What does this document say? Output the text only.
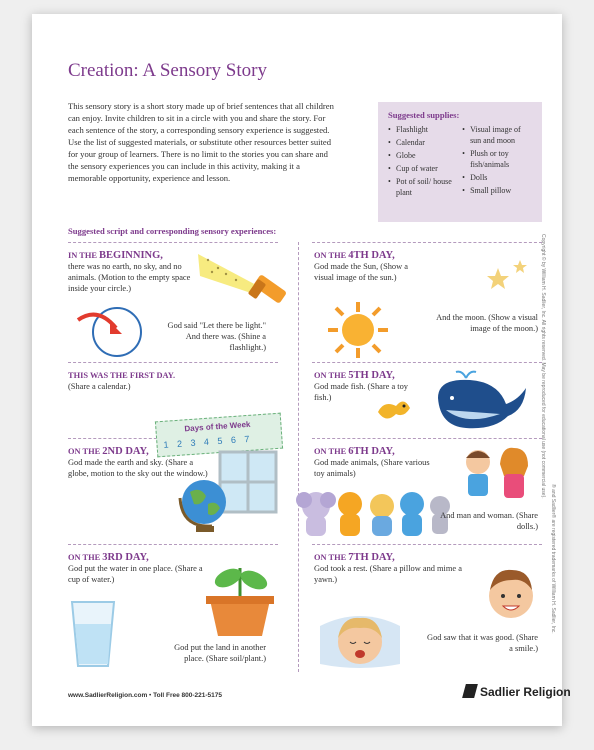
Creation: A Sensory Story
This sensory story is a short story made up of brief sentences that all children can enjoy. Invite children to sit in a circle with you and share the story. For each sentence of the story, a corresponding sensory experience is suggested. Use the list of suggested materials, or substitute other resources better suited for your group of learners. There is no limit to the stories you can share and the sensory experiences you can include in this activity, making it a memorable opportunity, experience and lesson.
Suggested supplies:
• Flashlight
• Calendar
• Globe
• Cup of water
• Pot of soil/ house plant
• Visual image of sun and moon
• Plush or toy fish/animals
• Dolls
• Small pillow
Suggested script and corresponding sensory experiences:
IN THE BEGINNING,
there was no earth, no sky, and no animals. (Motion to the empty space inside your circle.)
God said "Let there be light." And there was. (Shine a flashlight.)
THIS WAS THE FIRST DAY.
(Share a calendar.)
Days of the Week
1 2 3 4 5 6 7
ON THE 2ND DAY,
God made the earth and sky. (Share a globe, motion to the sky out the window.)
ON THE 3RD DAY,
God put the water in one place. (Share a cup of water.)
God put the land in another place. (Share soil/plant.)
ON THE 4TH DAY,
God made the Sun, (Show a visual image of the sun.)
And the moon. (Show a visual image of the moon.)
ON THE 5TH DAY,
God made fish. (Share a toy fish.)
ON THE 6TH DAY,
God made animals, (Share various toy animals)
And man and woman. (Share dolls.)
ON THE 7TH DAY,
God took a rest. (Share a pillow and mime a yawn.)
God saw that it was good. (Share a smile.)
www.SadlierReligion.com • Toll Free 800-221-5175	Sadlier Religion
Copyright © by William H. Sadlier, Inc. All rights reserved. May be reproduced for educational use (not commercial use).
® and Sadlier® are registered trademarks of William H. Sadlier, Inc.
